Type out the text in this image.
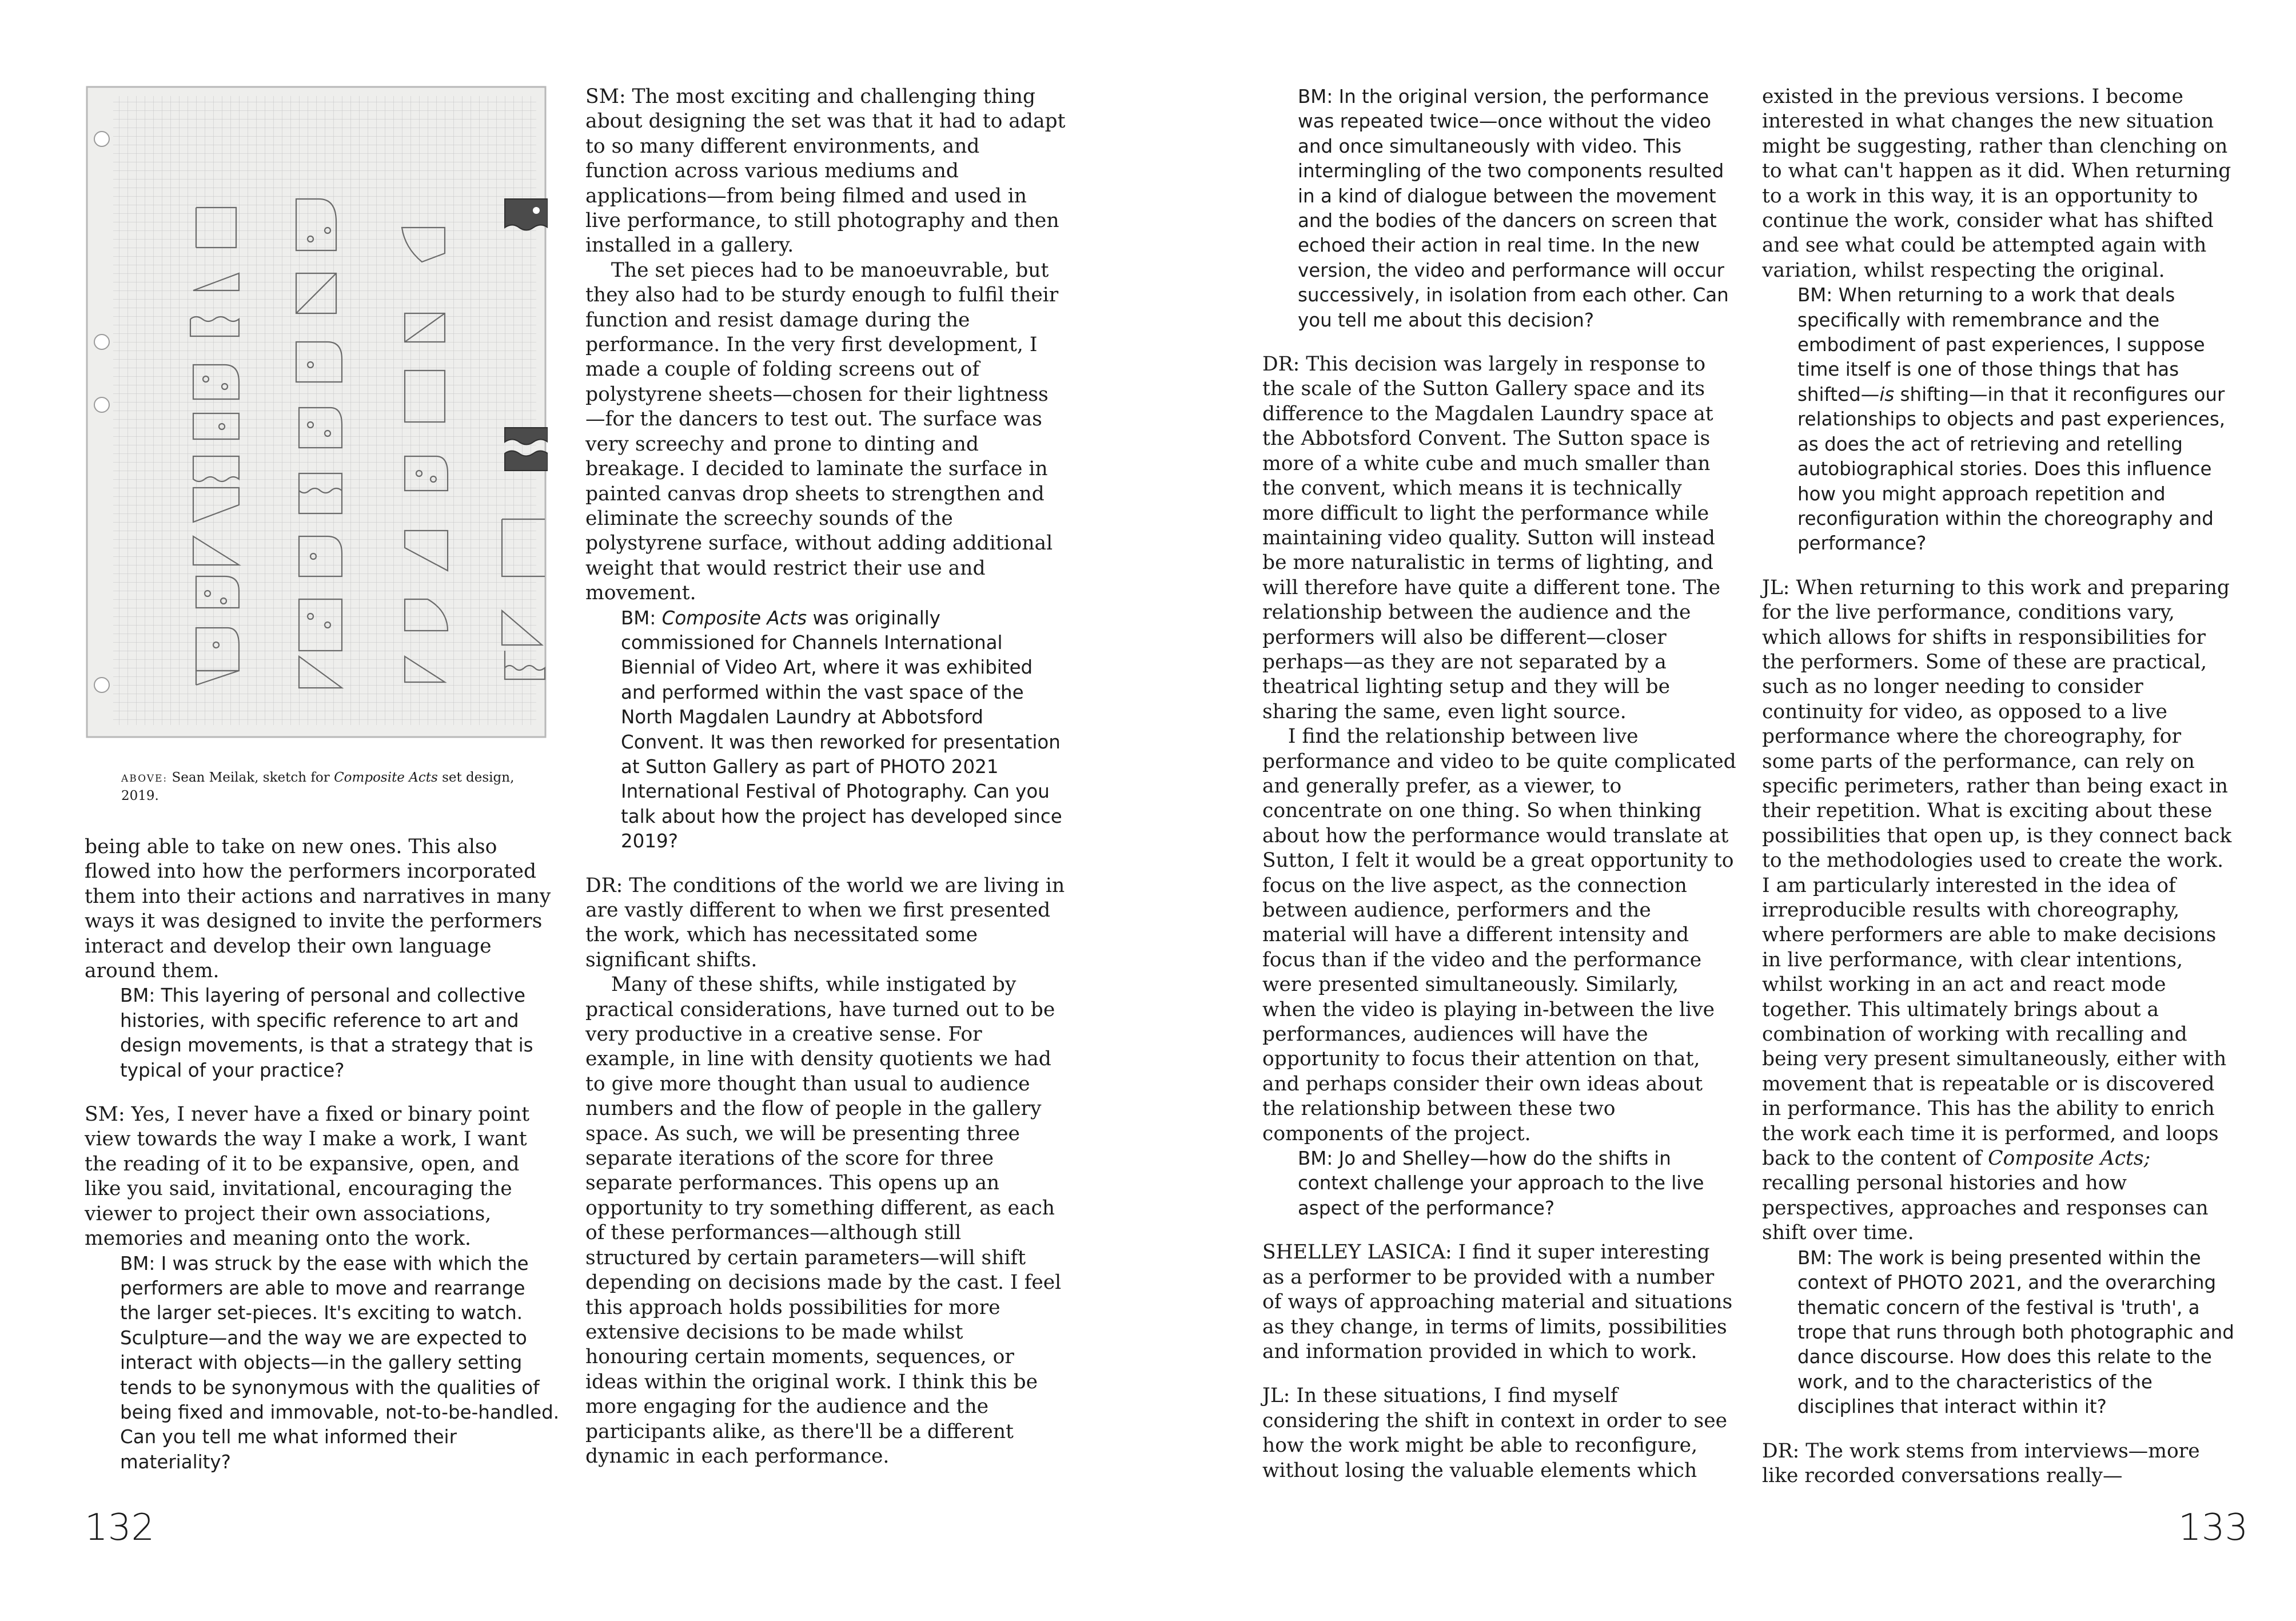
ABOVE: Sean Meilak, sketch for Composite Acts set design, 2019.

being able to take on new ones. This also flowed into how the performers incorporated them into their actions and narratives in many ways it was designed to invite the performers interact and develop their own language around them.

BM: This layering of personal and collective histories, with specific reference to art and design movements, is that a strategy that is typical of your practice?

SM: Yes, I never have a fixed or binary point view towards the way I make a work, I want the reading of it to be expansive, open, and like you said, invitational, encouraging the viewer to project their own associations, memories and meaning onto the work.

BM: I was struck by the ease with which the performers are able to move and rearrange the larger set-pieces. It's exciting to watch. Sculpture—and the way we are expected to interact with objects—in the gallery setting tends to be synonymous with the qualities of being fixed and immovable, not-to-be-handled. Can you tell me what informed their materiality?

SM: The most exciting and challenging thing about designing the set was that it had to adapt to so many different environments, and function across various mediums and applications—from being filmed and used in live performance, to still photography and then installed in a gallery.

The set pieces had to be manoeuvrable, but they also had to be sturdy enough to fulfil their function and resist damage during the performance. In the very first development, I made a couple of folding screens out of polystyrene sheets—chosen for their lightness—for the dancers to test out. The surface was very screechy and prone to dinting and breakage. I decided to laminate the surface in painted canvas drop sheets to strengthen and eliminate the screechy sounds of the polystyrene surface, without adding additional weight that would restrict their use and movement.

BM: Composite Acts was originally commissioned for Channels International Biennial of Video Art, where it was exhibited and performed within the vast space of the North Magdalen Laundry at Abbotsford Convent. It was then reworked for presentation at Sutton Gallery as part of PHOTO 2021 International Festival of Photography. Can you talk about how the project has developed since 2019?

DR: The conditions of the world we are living in are vastly different to when we first presented the work, which has necessitated some significant shifts.

Many of these shifts, while instigated by practical considerations, have turned out to be very productive in a creative sense. For example, in line with density quotients we had to give more thought than usual to audience numbers and the flow of people in the gallery space. As such, we will be presenting three separate iterations of the score for three separate performances. This opens up an opportunity to try something different, as each of these performances—although still structured by certain parameters—will shift depending on decisions made by the cast. I feel this approach holds possibilities for more extensive decisions to be made whilst honouring certain moments, sequences, or ideas within the original work. I think this be more engaging for the audience and the participants alike, as there'll be a different dynamic in each performance.

132

BM: In the original version, the performance was repeated twice—once without the video and once simultaneously with video. This intermingling of the two components resulted in a kind of dialogue between the movement and the bodies of the dancers on screen that echoed their action in real time. In the new version, the video and performance will occur successively, in isolation from each other. Can you tell me about this decision?

DR: This decision was largely in response to the scale of the Sutton Gallery space and its difference to the Magdalen Laundry space at the Abbotsford Convent. The Sutton space is more of a white cube and much smaller than the convent, which means it is technically more difficult to light the performance while maintaining video quality. Sutton will instead be more naturalistic in terms of lighting, and will therefore have quite a different tone. The relationship between the audience and the performers will also be different—closer perhaps—as they are not separated by a theatrical lighting setup and they will be sharing the same, even light source.

I find the relationship between live performance and video to be quite complicated and generally prefer, as a viewer, to concentrate on one thing. So when thinking about how the performance would translate at Sutton, I felt it would be a great opportunity to focus on the live aspect, as the connection between audience, performers and the material will have a different intensity and focus than if the video and the performance were presented simultaneously. Similarly, when the video is playing in-between the live performances, audiences will have the opportunity to focus their attention on that, and perhaps consider their own ideas about the relationship between these two components of the project.

BM: Jo and Shelley—how do the shifts in context challenge your approach to the live aspect of the performance?

SHELLEY LASICA: I find it super interesting as a performer to be provided with a number of ways of approaching material and situations as they change, in terms of limits, possibilities and information provided in which to work.

JL: In these situations, I find myself considering the shift in context in order to see how the work might be able to reconfigure, without losing the valuable elements which

existed in the previous versions. I become interested in what changes the new situation might be suggesting, rather than clenching on to what can't happen as it did. When returning to a work in this way, it is an opportunity to continue the work, consider what has shifted and see what could be attempted again with variation, whilst respecting the original.

BM: When returning to a work that deals specifically with remembrance and the embodiment of past experiences, I suppose time itself is one of those things that has shifted—is shifting—in that it reconfigures our relationships to objects and past experiences, as does the act of retrieving and retelling autobiographical stories. Does this influence how you might approach repetition and reconfiguration within the choreography and performance?

JL: When returning to this work and preparing for the live performance, conditions vary, which allows for shifts in responsibilities for the performers. Some of these are practical, such as no longer needing to consider continuity for video, as opposed to a live performance where the choreography, for some parts of the performance, can rely on specific perimeters, rather than being exact in their repetition. What is exciting about these possibilities that open up, is they connect back to the methodologies used to create the work. I am particularly interested in the idea of irreproducible results with choreography, where performers are able to make decisions in live performance, with clear intentions, whilst working in an act and react mode together. This ultimately brings about a combination of working with recalling and being very present simultaneously, either with movement that is repeatable or is discovered in performance. This has the ability to enrich the work each time it is performed, and loops back to the content of Composite Acts; recalling personal histories and how perspectives, approaches and responses can shift over time.

BM: The work is being presented within the context of PHOTO 2021, and the overarching thematic concern of the festival is 'truth', a trope that runs through both photographic and dance discourse. How does this relate to the work, and to the characteristics of the disciplines that interact within it?

DR: The work stems from interviews—more like recorded conversations really—

133
